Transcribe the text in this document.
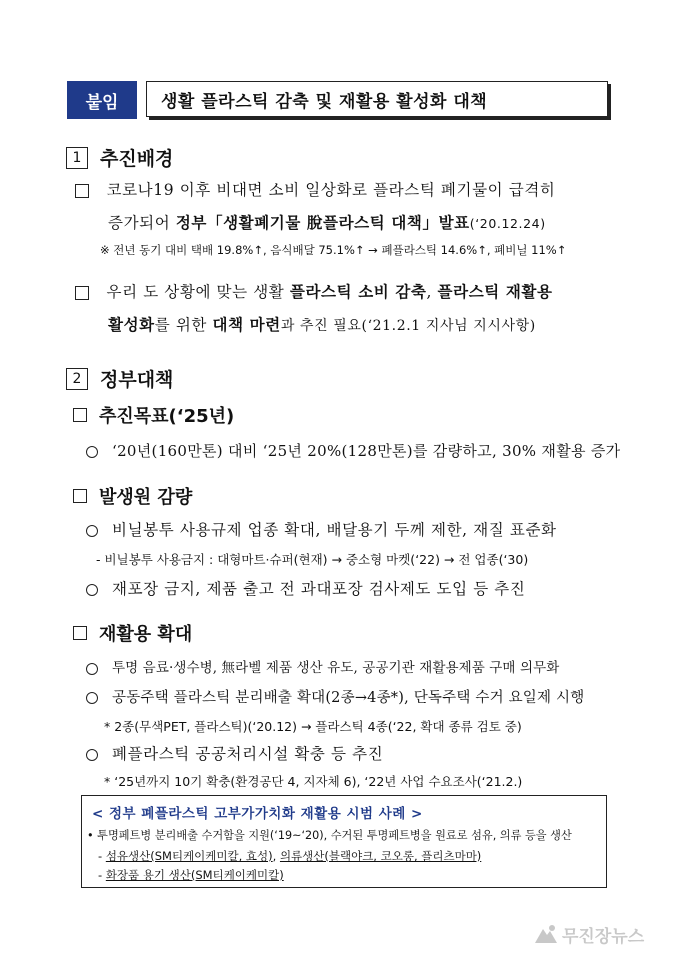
붙임	생활 플라스틱 감축 및 재활용 활성화 대책
1 추진배경
코로나19 이후 비대면 소비 일상화로 플라스틱 폐기물이 급격히
증가되어 정부「생활폐기물 脫플라스틱 대책」발표(‘20.12.24)
※ 전년 동기 대비 택배 19.8%↑, 음식배달 75.1%↑ → 폐플라스틱 14.6%↑, 폐비닐 11%↑
우리 도 상황에 맞는 생활 플라스틱 소비 감축, 플라스틱 재활용
활성화를 위한 대책 마련과 추진 필요(‘21.2.1 지사님 지시사항)
2 정부대책
추진목표(‘25년)
‘20년(160만톤) 대비 ‘25년 20%(128만톤)를 감량하고, 30% 재활용 증가
발생원 감량
비닐봉투 사용규제 업종 확대, 배달용기 두께 제한, 재질 표준화
- 비닐봉투 사용금지 : 대형마트·슈퍼(현재) → 중소형 마켓(‘22) → 전 업종(‘30)
재포장 금지, 제품 출고 전 과대포장 검사제도 도입 등 추진
재활용 확대
투명 음료·생수병, 無라벨 제품 생산 유도, 공공기관 재활용제품 구매 의무화
공동주택 플라스틱 분리배출 확대(2종→4종*), 단독주택 수거 요일제 시행
* 2종(무색PET, 플라스틱)(‘20.12) → 플라스틱 4종(‘22, 확대 종류 검토 중)
폐플라스틱 공공처리시설 확충 등 추진
* ‘25년까지 10기 확충(환경공단 4, 지자체 6), ‘22년 사업 수요조사(‘21.2.)
< 정부 폐플라스틱 고부가가치화 재활용 시범 사례 >
• 투명페트병 분리배출 수거함을 지원(‘19~‘20), 수거된 투명페트병을 원료로 섬유, 의류 등을 생산
- 섬유생산(SM티케이케미칼, 효성), 의류생산(블랙야크, 코오롱, 플리츠마마)
- 화장품 용기 생산(SM티케이케미칼)
무진장뉴스
